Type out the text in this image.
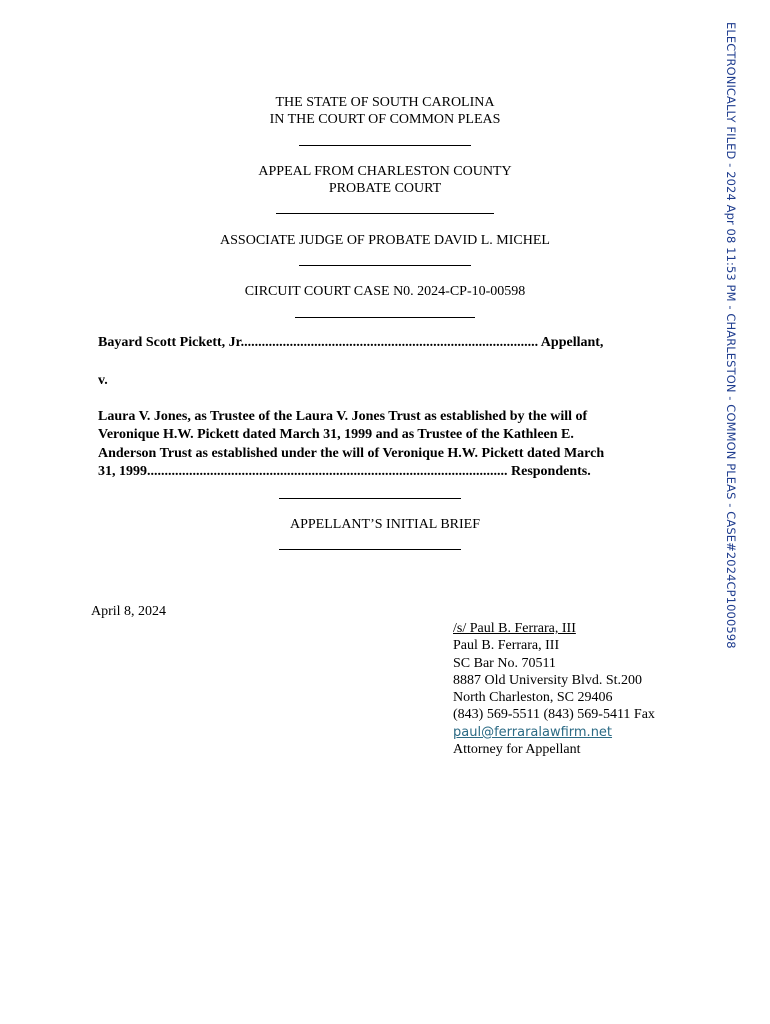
THE STATE OF SOUTH CAROLINA
IN THE COURT OF COMMON PLEAS
APPEAL FROM CHARLESTON COUNTY
PROBATE COURT
ASSOCIATE JUDGE OF PROBATE DAVID L. MICHEL
CIRCUIT COURT CASE N0. 2024-CP-10-00598
Bayard Scott Pickett, Jr..................................................................................... Appellant,
v.
Laura V. Jones, as Trustee of the Laura V. Jones Trust as established by the will of
Veronique H.W. Pickett dated March 31, 1999 and as Trustee of the Kathleen E.
Anderson Trust as established under the will of Veronique H.W. Pickett dated March
31, 1999....................................................................................................... Respondents.
APPELLANT’S INITIAL BRIEF
April 8, 2024
/s/ Paul B. Ferrara, III
Paul B. Ferrara, III
SC Bar No. 70511
8887 Old University Blvd. St.200
North Charleston, SC 29406
(843) 569-5511 (843) 569-5411 Fax
paul@ferraralawfirm.net
Attorney for Appellant
ELECTRONICALLY FILED - 2024 Apr 08 11:53 PM - CHARLESTON - COMMON PLEAS - CASE#2024CP1000598
